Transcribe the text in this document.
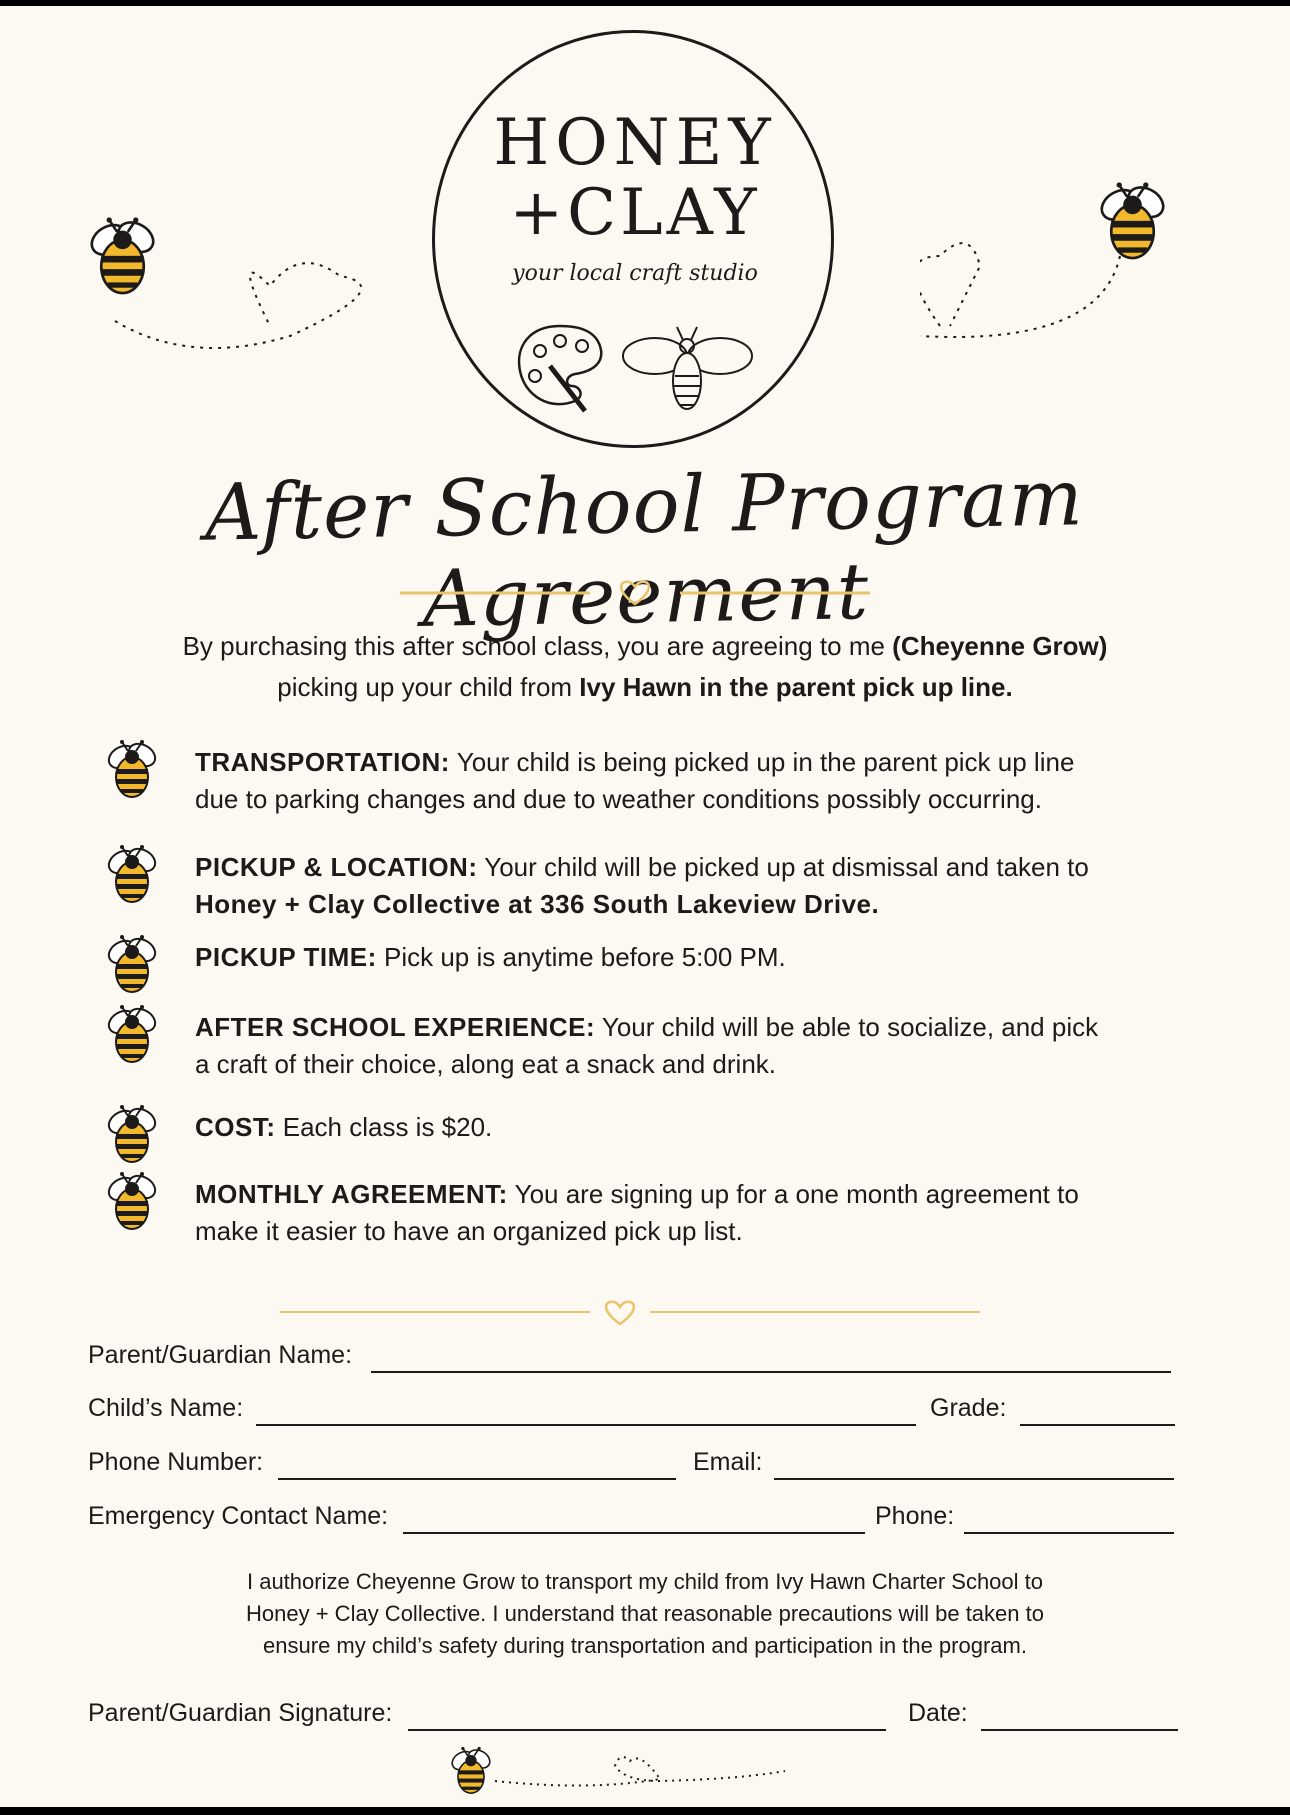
HONEY
+CLAY
your local craft studio
After School Program Agreement
By purchasing this after school class, you are agreeing to me (Cheyenne Grow)
picking up your child from Ivy Hawn in the parent pick up line.
TRANSPORTATION: Your child is being picked up in the parent pick up line
due to parking changes and due to weather conditions possibly occurring.
PICKUP & LOCATION: Your child will be picked up at dismissal and taken to
Honey + Clay Collective at 336 South Lakeview Drive.
PICKUP TIME: Pick up is anytime before 5:00 PM.
AFTER SCHOOL EXPERIENCE: Your child will be able to socialize, and pick
a craft of their choice, along eat a snack and drink.
COST: Each class is $20.
MONTHLY AGREEMENT: You are signing up for a one month agreement to
make it easier to have an organized pick up list.
Parent/Guardian Name:
Child’s Name:	Grade:
Phone Number:	Email:
Emergency Contact Name:	Phone:
I authorize Cheyenne Grow to transport my child from Ivy Hawn Charter School to
Honey + Clay Collective. I understand that reasonable precautions will be taken to
ensure my child’s safety during transportation and participation in the program.
Parent/Guardian Signature:	Date:
